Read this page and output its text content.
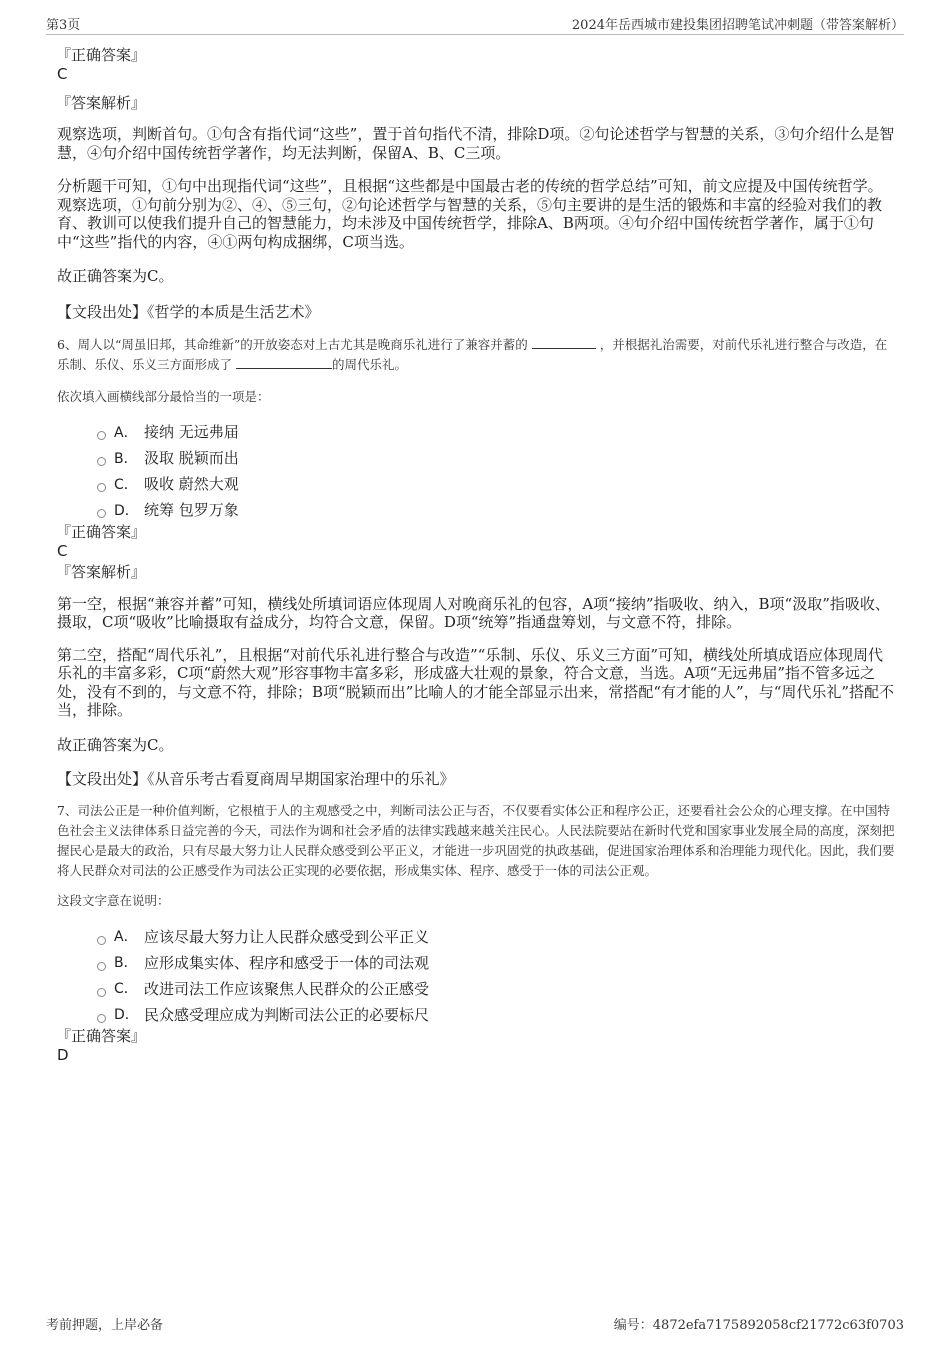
第3页	2024年岳西城市建投集团招聘笔试冲刺题（带答案解析）
『正确答案』
C
『答案解析』

观察选项，判断首句。①句含有指代词“这些”，置于首句指代不清，排除D项。②句论述哲学与智慧的关系，③句介绍什么是智慧，④句介绍中国传统哲学著作，均无法判断，保留A、B、C三项。

分析题干可知，①句中出现指代词“这些”，且根据“这些都是中国最古老的传统的哲学总结”可知，前文应提及中国传统哲学。观察选项，①句前分别为②、④、⑤三句，②句论述哲学与智慧的关系，⑤句主要讲的是生活的锻炼和丰富的经验对我们的教育、教训可以使我们提升自己的智慧能力，均未涉及中国传统哲学，排除A、B两项。④句介绍中国传统哲学著作，属于①句中“这些”指代的内容，④①两句构成捆绑，C项当选。

故正确答案为C。

【文段出处】《哲学的本质是生活艺术》

6、周人以“周虽旧邦，其命维新”的开放姿态对上古尤其是晚商乐礼进行了兼容并蓄的	，并根据礼治需要，对前代乐礼进行整合与改造，在乐制、乐仪、乐义三方面形成了	的周代乐礼。

依次填入画横线部分最恰当的一项是：
A． 接纳 无远弗届
B． 汲取 脱颖而出
C． 吸收 蔚然大观
D． 统筹 包罗万象
『正确答案』
C
『答案解析』

第一空，根据“兼容并蓄”可知，横线处所填词语应体现周人对晚商乐礼的包容，A项“接纳”指吸收、纳入，B项“汲取”指吸收、摄取，C项“吸收”比喻摄取有益成分，均符合文意，保留。D项“统筹”指通盘筹划，与文意不符，排除。

第二空，搭配“周代乐礼”，且根据“对前代乐礼进行整合与改造”“乐制、乐仪、乐义三方面”可知，横线处所填成语应体现周代乐礼的丰富多彩，C项“蔚然大观”形容事物丰富多彩，形成盛大壮观的景象，符合文意，当选。A项“无远弗届”指不管多远之处，没有不到的，与文意不符，排除；B项“脱颖而出”比喻人的才能全部显示出来，常搭配“有才能的人”，与“周代乐礼”搭配不当，排除。

故正确答案为C。

【文段出处】《从音乐考古看夏商周早期国家治理中的乐礼》

7、司法公正是一种价值判断，它根植于人的主观感受之中，判断司法公正与否，不仅要看实体公正和程序公正，还要看社会公众的心理支撑。在中国特色社会主义法律体系日益完善的今天，司法作为调和社会矛盾的法律实践越来越关注民心。人民法院要站在新时代党和国家事业发展全局的高度，深刻把握民心是最大的政治，只有尽最大努力让人民群众感受到公平正义，才能进一步巩固党的执政基础，促进国家治理体系和治理能力现代化。因此，我们要将人民群众对司法的公正感受作为司法公正实现的必要依据，形成集实体、程序、感受于一体的司法公正观。

这段文字意在说明：
A． 应该尽最大努力让人民群众感受到公平正义
B． 应形成集实体、程序和感受于一体的司法观
C． 改进司法工作应该聚焦人民群众的公正感受
D． 民众感受理应成为判断司法公正的必要标尺
『正确答案』
D
考前押题，上岸必备	编号：4872efa7175892058cf21772c63f0703
